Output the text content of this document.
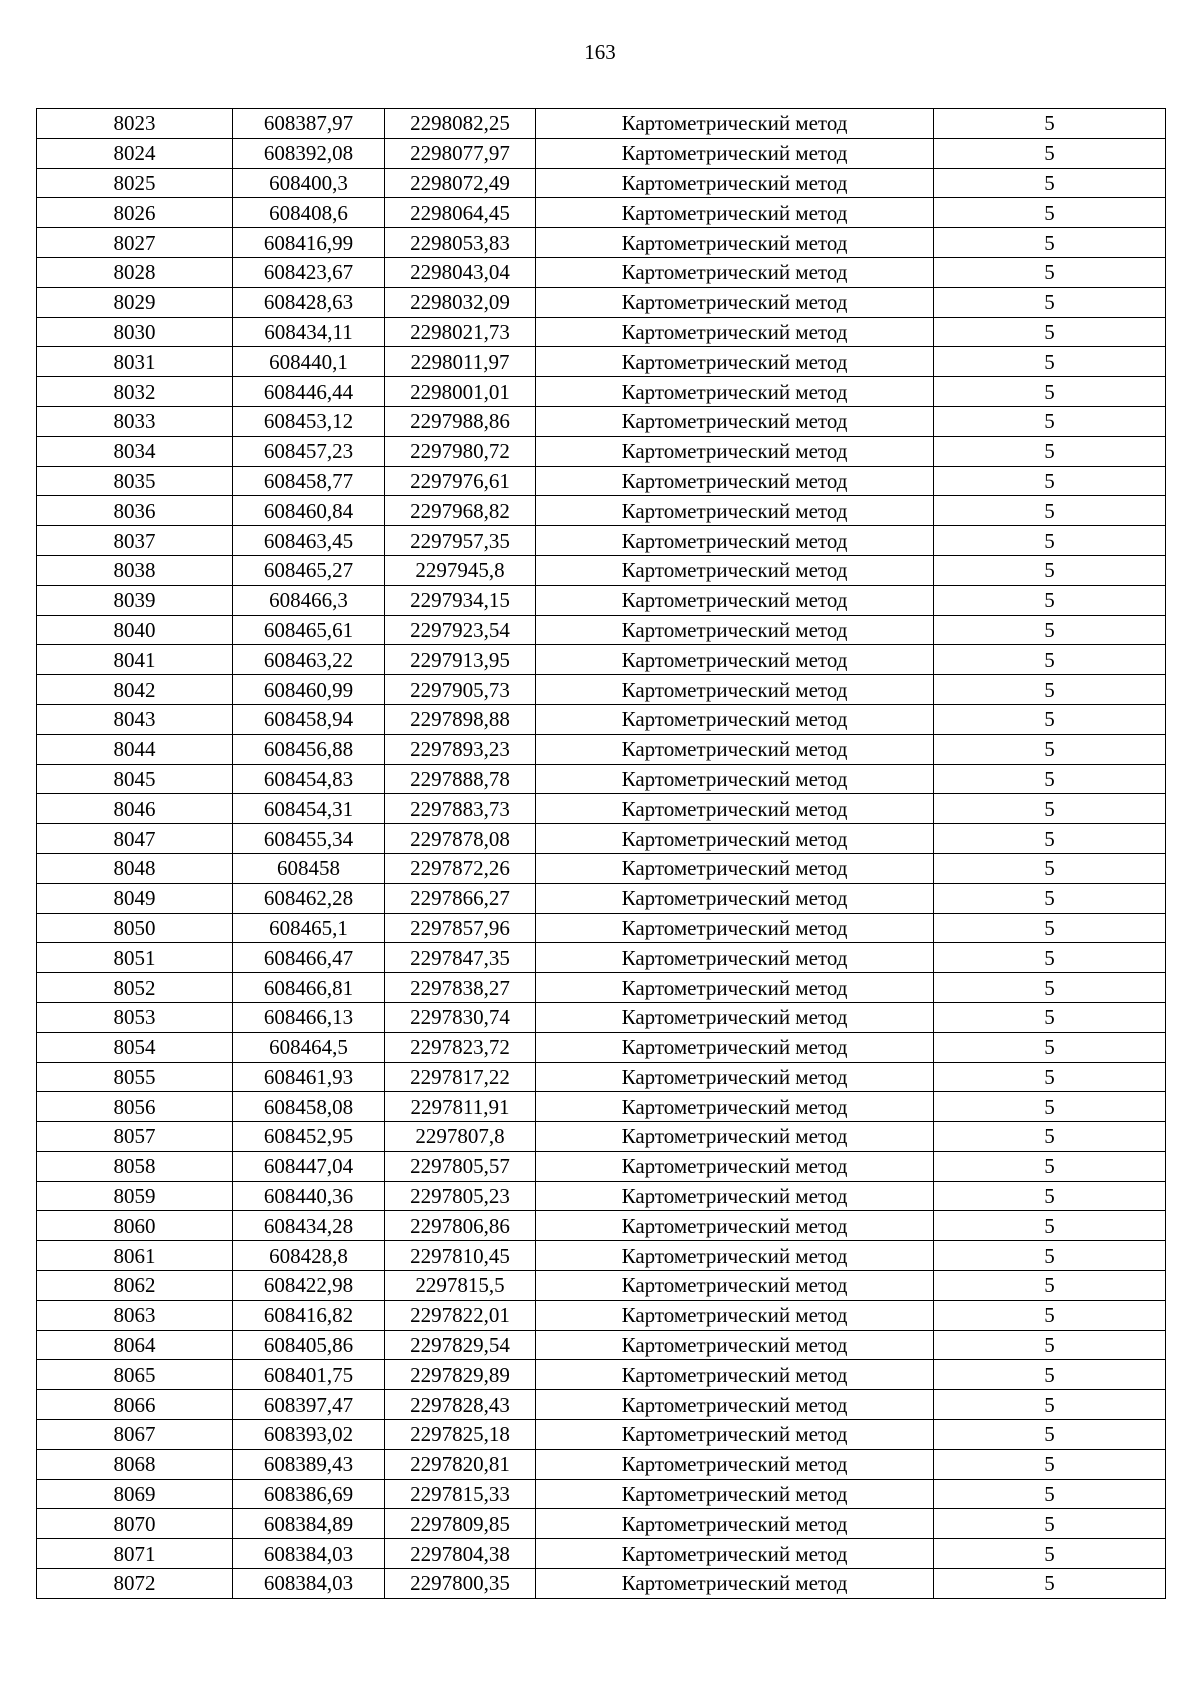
163
8023	608387,97	2298082,25	Картометрический метод	5
8024	608392,08	2298077,97	Картометрический метод	5
8025	608400,3	2298072,49	Картометрический метод	5
8026	608408,6	2298064,45	Картометрический метод	5
8027	608416,99	2298053,83	Картометрический метод	5
8028	608423,67	2298043,04	Картометрический метод	5
8029	608428,63	2298032,09	Картометрический метод	5
8030	608434,11	2298021,73	Картометрический метод	5
8031	608440,1	2298011,97	Картометрический метод	5
8032	608446,44	2298001,01	Картометрический метод	5
8033	608453,12	2297988,86	Картометрический метод	5
8034	608457,23	2297980,72	Картометрический метод	5
8035	608458,77	2297976,61	Картометрический метод	5
8036	608460,84	2297968,82	Картометрический метод	5
8037	608463,45	2297957,35	Картометрический метод	5
8038	608465,27	2297945,8	Картометрический метод	5
8039	608466,3	2297934,15	Картометрический метод	5
8040	608465,61	2297923,54	Картометрический метод	5
8041	608463,22	2297913,95	Картометрический метод	5
8042	608460,99	2297905,73	Картометрический метод	5
8043	608458,94	2297898,88	Картометрический метод	5
8044	608456,88	2297893,23	Картометрический метод	5
8045	608454,83	2297888,78	Картометрический метод	5
8046	608454,31	2297883,73	Картометрический метод	5
8047	608455,34	2297878,08	Картометрический метод	5
8048	608458	2297872,26	Картометрический метод	5
8049	608462,28	2297866,27	Картометрический метод	5
8050	608465,1	2297857,96	Картометрический метод	5
8051	608466,47	2297847,35	Картометрический метод	5
8052	608466,81	2297838,27	Картометрический метод	5
8053	608466,13	2297830,74	Картометрический метод	5
8054	608464,5	2297823,72	Картометрический метод	5
8055	608461,93	2297817,22	Картометрический метод	5
8056	608458,08	2297811,91	Картометрический метод	5
8057	608452,95	2297807,8	Картометрический метод	5
8058	608447,04	2297805,57	Картометрический метод	5
8059	608440,36	2297805,23	Картометрический метод	5
8060	608434,28	2297806,86	Картометрический метод	5
8061	608428,8	2297810,45	Картометрический метод	5
8062	608422,98	2297815,5	Картометрический метод	5
8063	608416,82	2297822,01	Картометрический метод	5
8064	608405,86	2297829,54	Картометрический метод	5
8065	608401,75	2297829,89	Картометрический метод	5
8066	608397,47	2297828,43	Картометрический метод	5
8067	608393,02	2297825,18	Картометрический метод	5
8068	608389,43	2297820,81	Картометрический метод	5
8069	608386,69	2297815,33	Картометрический метод	5
8070	608384,89	2297809,85	Картометрический метод	5
8071	608384,03	2297804,38	Картометрический метод	5
8072	608384,03	2297800,35	Картометрический метод	5
